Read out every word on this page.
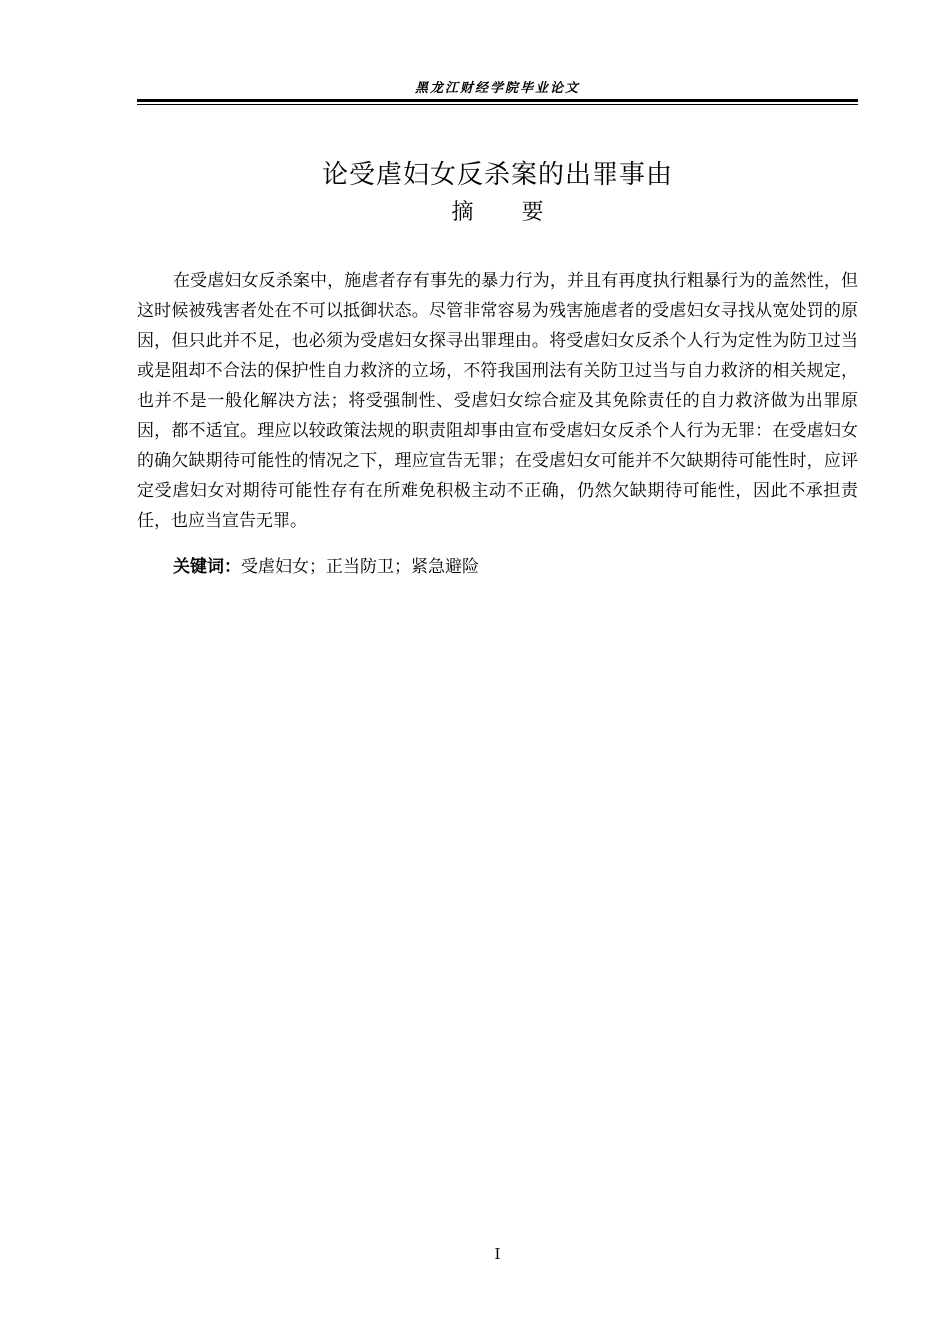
黑龙江财经学院毕业论文
论受虐妇女反杀案的出罪事由
摘要

在受虐妇女反杀案中，施虐者存有事先的暴力行为，并且有再度执行粗暴行为的盖然性，但这时候被残害者处在不可以抵御状态。尽管非常容易为残害施虐者的受虐妇女寻找从宽处罚的原因，但只此并不足，也必须为受虐妇女探寻出罪理由。将受虐妇女反杀个人行为定性为防卫过当或是阻却不合法的保护性自力救济的立场，不符我国刑法有关防卫过当与自力救济的相关规定，也并不是一般化解决方法；将受强制性、受虐妇女综合症及其免除责任的自力救济做为出罪原因，都不适宜。理应以较政策法规的职责阻却事由宣布受虐妇女反杀个人行为无罪：在受虐妇女的确欠缺期待可能性的情况之下，理应宣告无罪；在受虐妇女可能并不欠缺期待可能性时，应评定受虐妇女对期待可能性存有在所难免积极主动不正确，仍然欠缺期待可能性，因此不承担责任，也应当宣告无罪。

关键词：受虐妇女；正当防卫；紧急避险
I
